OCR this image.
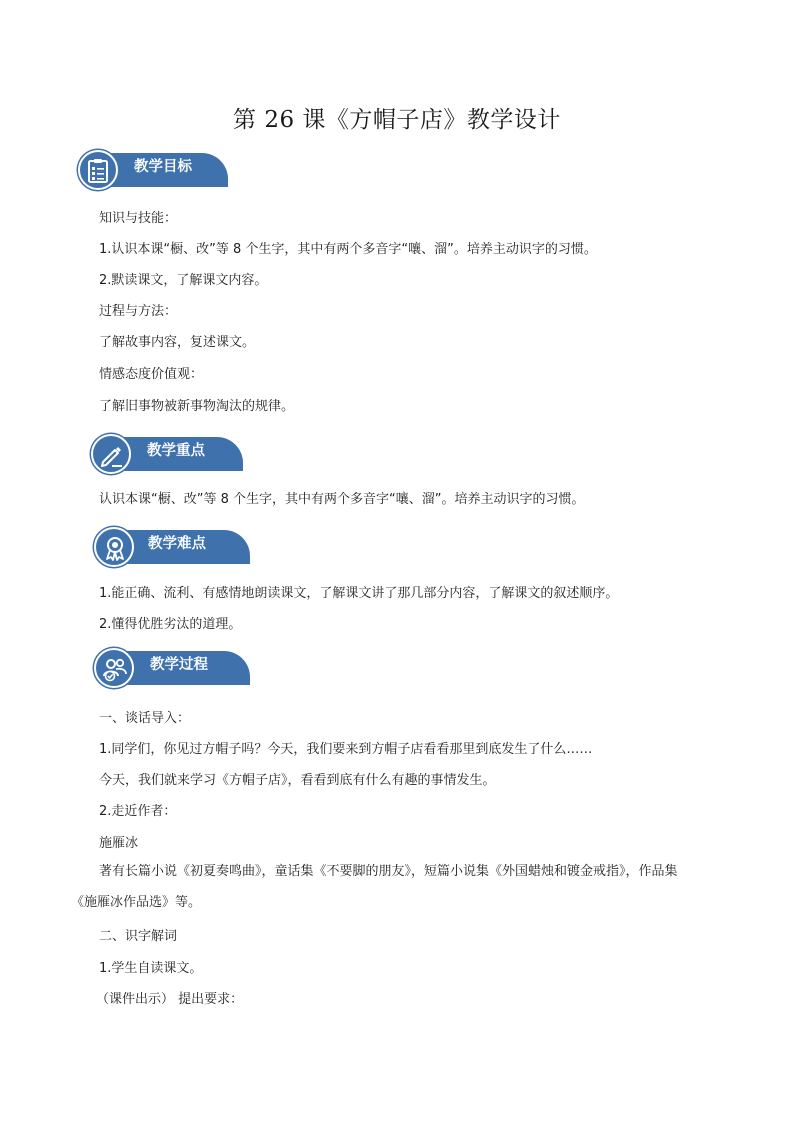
第 26 课《方帽子店》教学设计
教学目标
知识与技能：
1.认识本课“橱、改”等 8 个生字，其中有两个多音字“嚷、溜”。培养主动识字的习惯。
2.默读课文，了解课文内容。
过程与方法：
了解故事内容，复述课文。
情感态度价值观：
了解旧事物被新事物淘汰的规律。
教学重点
认识本课“橱、改”等 8 个生字，其中有两个多音字“嚷、溜”。培养主动识字的习惯。
教学难点
1.能正确、流利、有感情地朗读课文，了解课文讲了那几部分内容，了解课文的叙述顺序。
2.懂得优胜劣汰的道理。
教学过程
一、谈话导入：
1.同学们，你见过方帽子吗？今天，我们要来到方帽子店看看那里到底发生了什么……
今天，我们就来学习《方帽子店》，看看到底有什么有趣的事情发生。
2.走近作者：
施雁冰
著有长篇小说《初夏奏鸣曲》，童话集《不要脚的朋友》，短篇小说集《外国蜡烛和镀金戒指》，作品集《施雁冰作品选》等。
二、识字解词
1.学生自读课文。
（课件出示） 提出要求：
